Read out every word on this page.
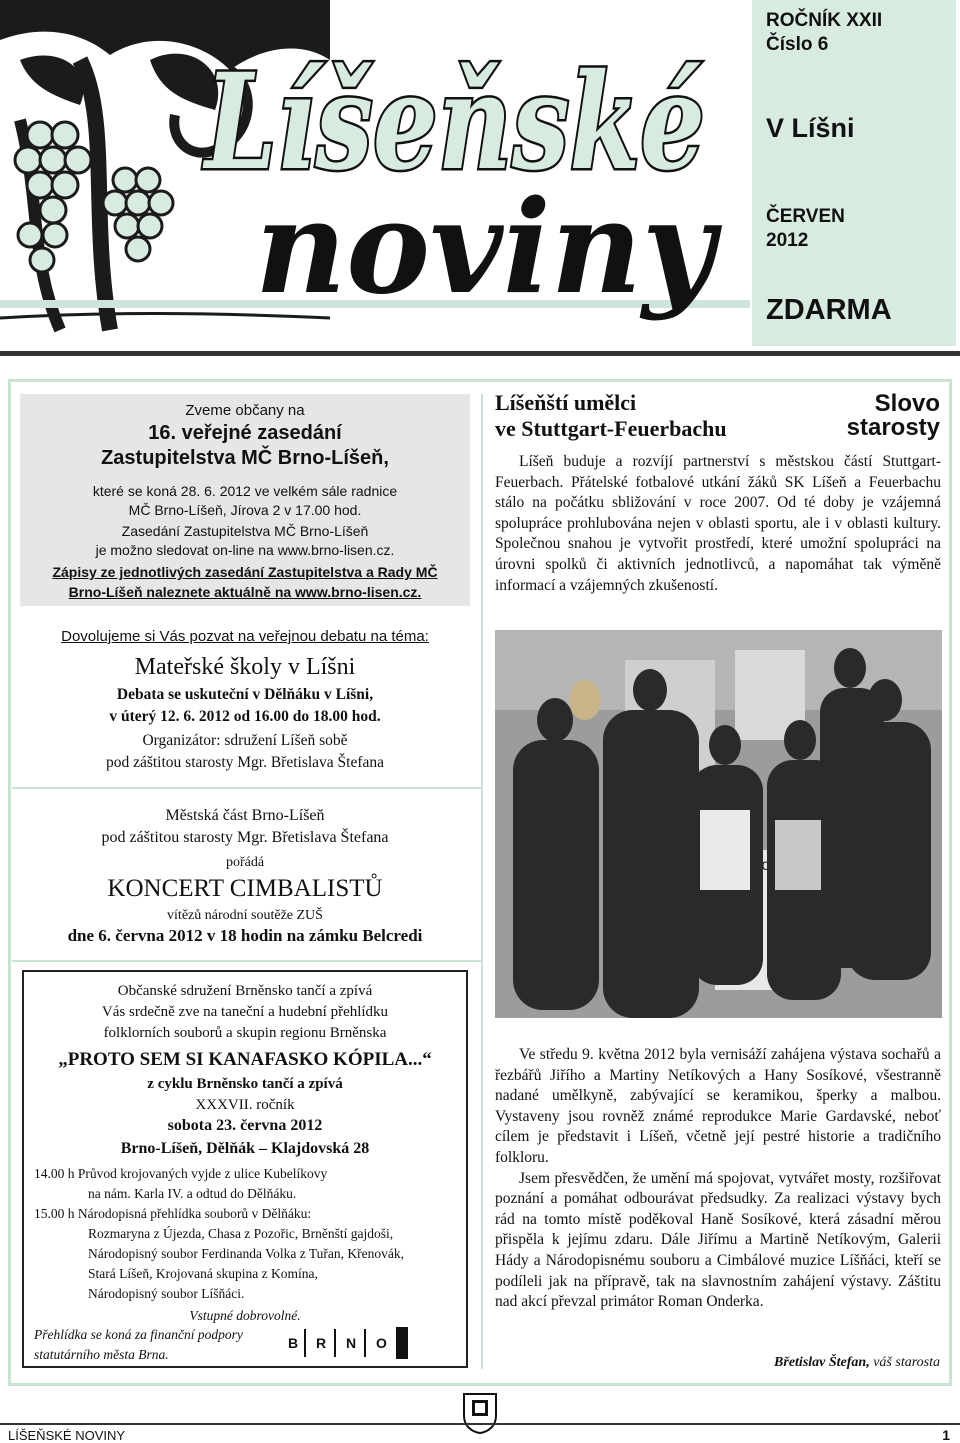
Líšeňské
noviny
ROČNÍK XXII
Číslo 6
V Líšni
ČERVEN
2012
ZDARMA
Zveme občany na
16. veřejné zasedání
Zastupitelstva MČ Brno-Líšeň,
které se koná 28. 6. 2012 ve velkém sále radnice
MČ Brno-Líšeň, Jírova 2 v 17.00 hod.
Zasedání Zastupitelstva MČ Brno-Líšeň
je možno sledovat on-line na www.brno-lisen.cz.
Zápisy ze jednotlivých zasedání Zastupitelstva a Rady MČ
Brno-Líšeň naleznete aktuálně na www.brno-lisen.cz.
Dovolujeme si Vás pozvat na veřejnou debatu na téma:
Mateřské školy v Líšni
Debata se uskuteční v Dělňáku v Líšni,
v úterý 12. 6. 2012 od 16.00 do 18.00 hod.
Organizátor: sdružení Líšeň sobě
pod záštitou starosty Mgr. Břetislava Štefana
Městská část Brno-Líšeň
pod záštitou starosty Mgr. Břetislava Štefana
pořádá
KONCERT CIMBALISTŮ
vítězů národní soutěže ZUŠ
dne 6. června 2012 v 18 hodin na zámku Belcredi
Občanské sdružení Brněnsko tančí a zpívá
Vás srdečně zve na taneční a hudební přehlídku
folklorních souborů a skupin regionu Brněnska
„PROTO SEM SI KANAFASKO KÓPILA...“
z cyklu Brněnsko tančí a zpívá
XXXVII. ročník
sobota 23. června 2012
Brno-Líšeň, Dělňák – Klajdovská 28
14.00 h Průvod krojovaných vyjde z ulice Kubelíkovy
na nám. Karla IV. a odtud do Dělňáku.
15.00 h Národopisná přehlídka souborů v Dělňáku:
Rozmaryna z Újezda, Chasa z Pozořic, Brněnští gajdoši,
Národopisný soubor Ferdinanda Volka z Tuřan, Křenovák,
Stará Líšeň, Krojovaná skupina z Komína,
Národopisný soubor Líšňáci.
Vstupné dobrovolné.
Přehlídka se koná za finanční podpory
statutárního města Brna.
B R N O
Líšeňští umělci
ve Stuttgart-Feuerbachu
Slovo
starosty

Líšeň buduje a rozvíjí partnerství s městskou částí Stuttgart-Feuerbach. Přátelské fotbalové utkání žáků SK Líšeň a Feuerbachu stálo na počátku sbližování v roce 2007. Od té doby je vzájemná spolupráce prohlubována nejen v oblasti sportu, ale i v oblasti kultury. Společnou snahou je vytvořit prostředí, které umožní spolupráci na úrovni spolků či aktivních jednotlivců, a napomáhat tak výměně informací a vzájemných zkušeností.

Ve středu 9. května 2012 byla vernisáží zahájena výstava sochařů a řezbářů Jiřího a Martiny Netíkových a Hany Sosíkové, všestranně nadané umělkyně, zabývající se keramikou, šperky a malbou. Vystaveny jsou rovněž známé reprodukce Marie Gardavské, neboť cílem je představit i Líšeň, včetně její pestré historie a tradičního folkloru.

Jsem přesvědčen, že umění má spojovat, vytvářet mosty, rozšiřovat poznání a pomáhat odbourávat předsudky. Za realizaci výstavy bych rád na tomto místě poděkoval Haně Sosíkové, která zásadní měrou přispěla k jejímu zdaru. Dále Jiřímu a Martině Netíkovým, Galerii Hády a Národopisnému souboru a Cimbálové muzice Líšňáci, kteří se podíleli jak na přípravě, tak na slavnostním zahájení výstavy. Záštitu nad akcí převzal primátor Roman Onderka.

Břetislav Štefan, váš starosta
LÍŠEŇSKÉ NOVINY	1
